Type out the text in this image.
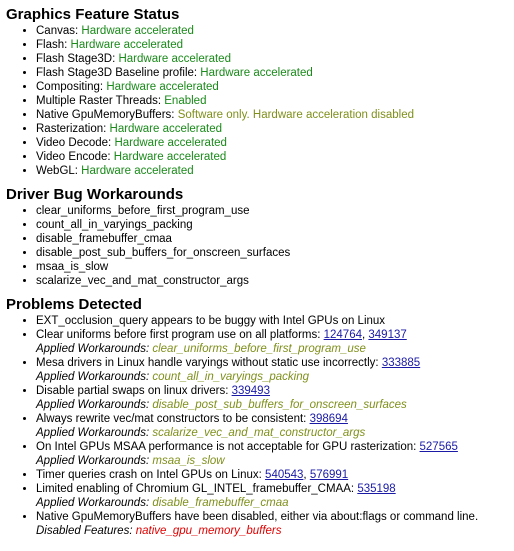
Graphics Feature Status
• Canvas: Hardware accelerated
• Flash: Hardware accelerated
• Flash Stage3D: Hardware accelerated
• Flash Stage3D Baseline profile: Hardware accelerated
• Compositing: Hardware accelerated
• Multiple Raster Threads: Enabled
• Native GpuMemoryBuffers: Software only. Hardware acceleration disabled
• Rasterization: Hardware accelerated
• Video Decode: Hardware accelerated
• Video Encode: Hardware accelerated
• WebGL: Hardware accelerated
Driver Bug Workarounds
• clear_uniforms_before_first_program_use
• count_all_in_varyings_packing
• disable_framebuffer_cmaa
• disable_post_sub_buffers_for_onscreen_surfaces
• msaa_is_slow
• scalarize_vec_and_mat_constructor_args
Problems Detected
• EXT_occlusion_query appears to be buggy with Intel GPUs on Linux
• Clear uniforms before first program use on all platforms: 124764, 349137
Applied Workarounds: clear_uniforms_before_first_program_use
• Mesa drivers in Linux handle varyings without static use incorrectly: 333885
Applied Workarounds: count_all_in_varyings_packing
• Disable partial swaps on linux drivers: 339493
Applied Workarounds: disable_post_sub_buffers_for_onscreen_surfaces
• Always rewrite vec/mat constructors to be consistent: 398694
Applied Workarounds: scalarize_vec_and_mat_constructor_args
• On Intel GPUs MSAA performance is not acceptable for GPU rasterization: 527565
Applied Workarounds: msaa_is_slow
• Timer queries crash on Intel GPUs on Linux: 540543, 576991
• Limited enabling of Chromium GL_INTEL_framebuffer_CMAA: 535198
Applied Workarounds: disable_framebuffer_cmaa
• Native GpuMemoryBuffers have been disabled, either via about:flags or command line.
Disabled Features: native_gpu_memory_buffers
